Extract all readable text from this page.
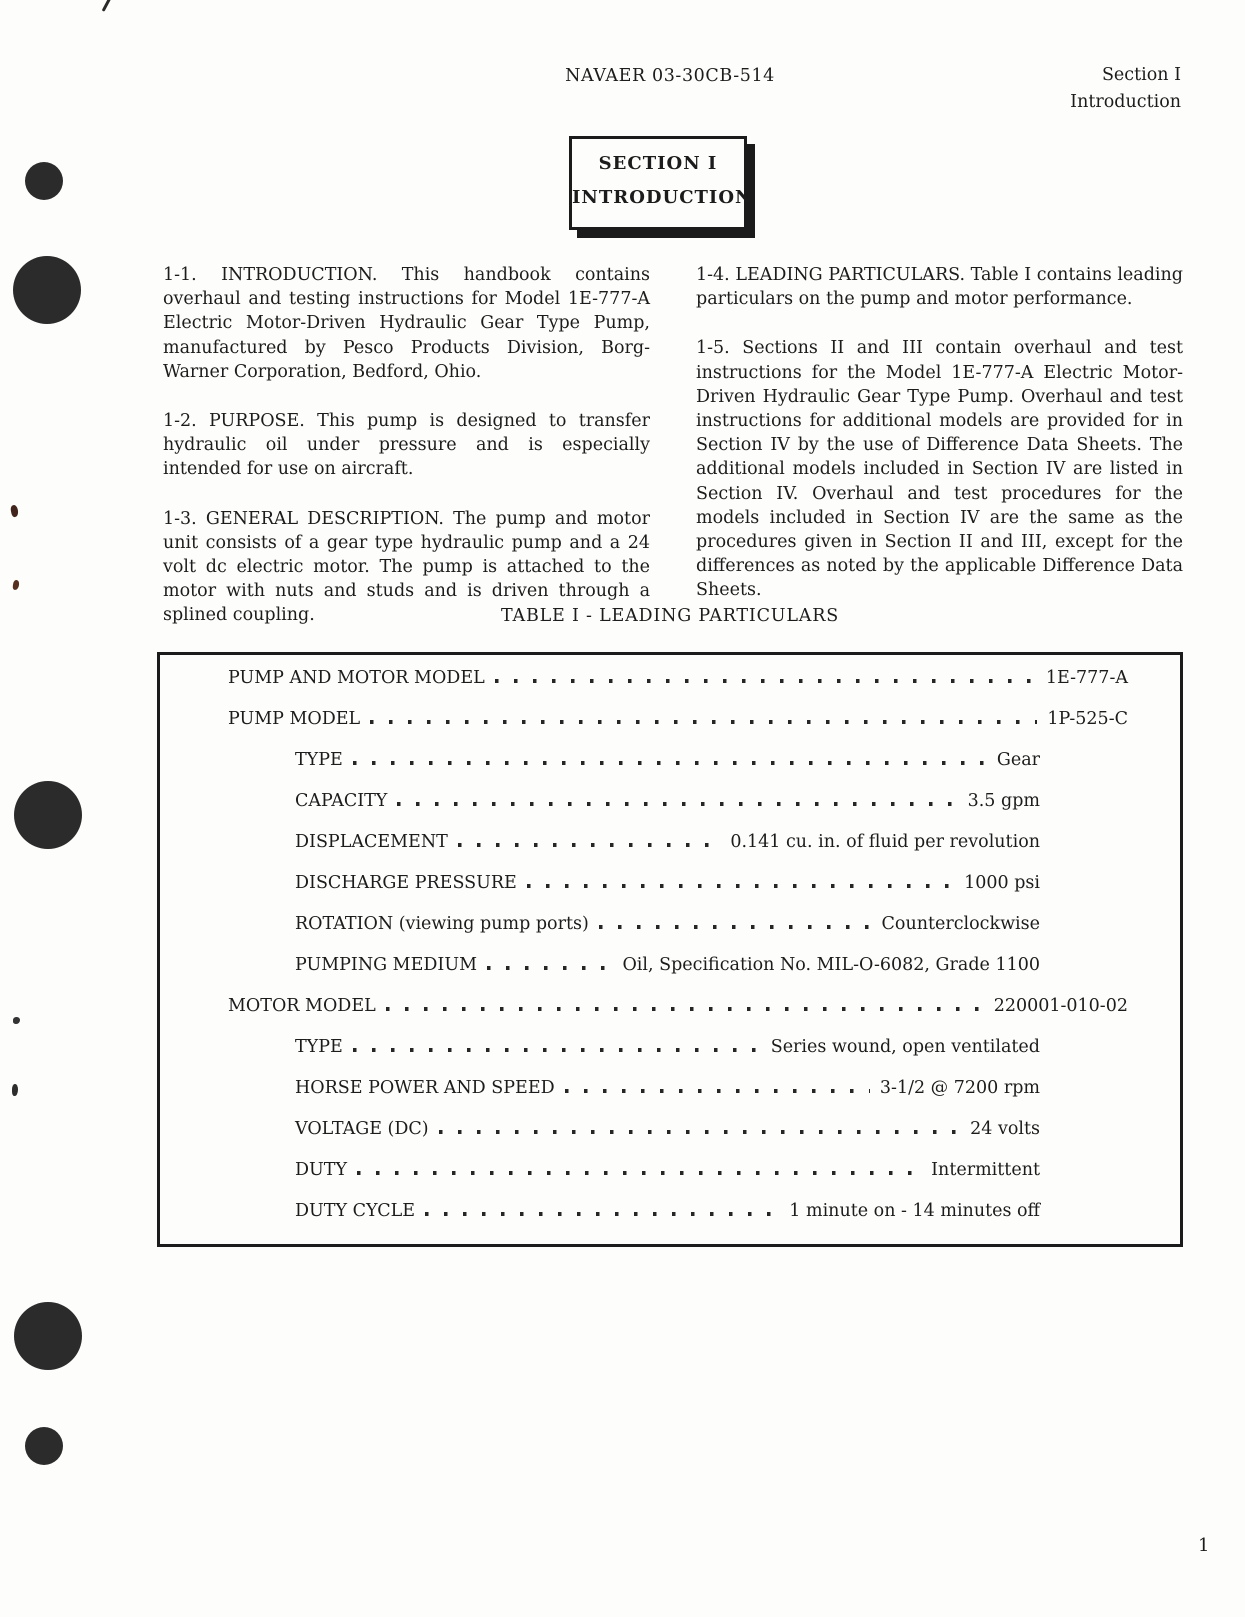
NAVAER 03-30CB-514	Section I
Introduction
SECTION I
INTRODUCTION

1-1. INTRODUCTION. This handbook contains overhaul and testing instructions for Model 1E-777-A Electric Motor-Driven Hydraulic Gear Type Pump, manufactured by Pesco Products Division, Borg-Warner Corporation, Bedford, Ohio.

1-2. PURPOSE. This pump is designed to transfer hydraulic oil under pressure and is especially intended for use on aircraft.

1-3. GENERAL DESCRIPTION. The pump and motor unit consists of a gear type hydraulic pump and a 24 volt dc electric motor. The pump is attached to the motor with nuts and studs and is driven through a splined coupling.

1-4. LEADING PARTICULARS. Table I contains leading particulars on the pump and motor performance.

1-5. Sections II and III contain overhaul and test instructions for the Model 1E-777-A Electric Motor-Driven Hydraulic Gear Type Pump. Overhaul and test instructions for additional models are provided for in Section IV by the use of Difference Data Sheets. The additional models included in Section IV are listed in Section IV. Overhaul and test procedures for the models included in Section IV are the same as the procedures given in Section II and III, except for the differences as noted by the applicable Difference Data Sheets.

TABLE I - LEADING PARTICULARS
PUMP AND MOTOR MODEL	1E-777-A
PUMP MODEL	1P-525-C
TYPE	Gear
CAPACITY	3.5 gpm
DISPLACEMENT	0.141 cu. in. of fluid per revolution
DISCHARGE PRESSURE	1000 psi
ROTATION (viewing pump ports)	Counterclockwise
PUMPING MEDIUM	Oil, Specification No. MIL-O-6082, Grade 1100
MOTOR MODEL	220001-010-02
TYPE	Series wound, open ventilated
HORSE POWER AND SPEED	3-1/2 @ 7200 rpm
VOLTAGE (DC)	24 volts
DUTY	Intermittent
DUTY CYCLE	1 minute on - 14 minutes off
1
